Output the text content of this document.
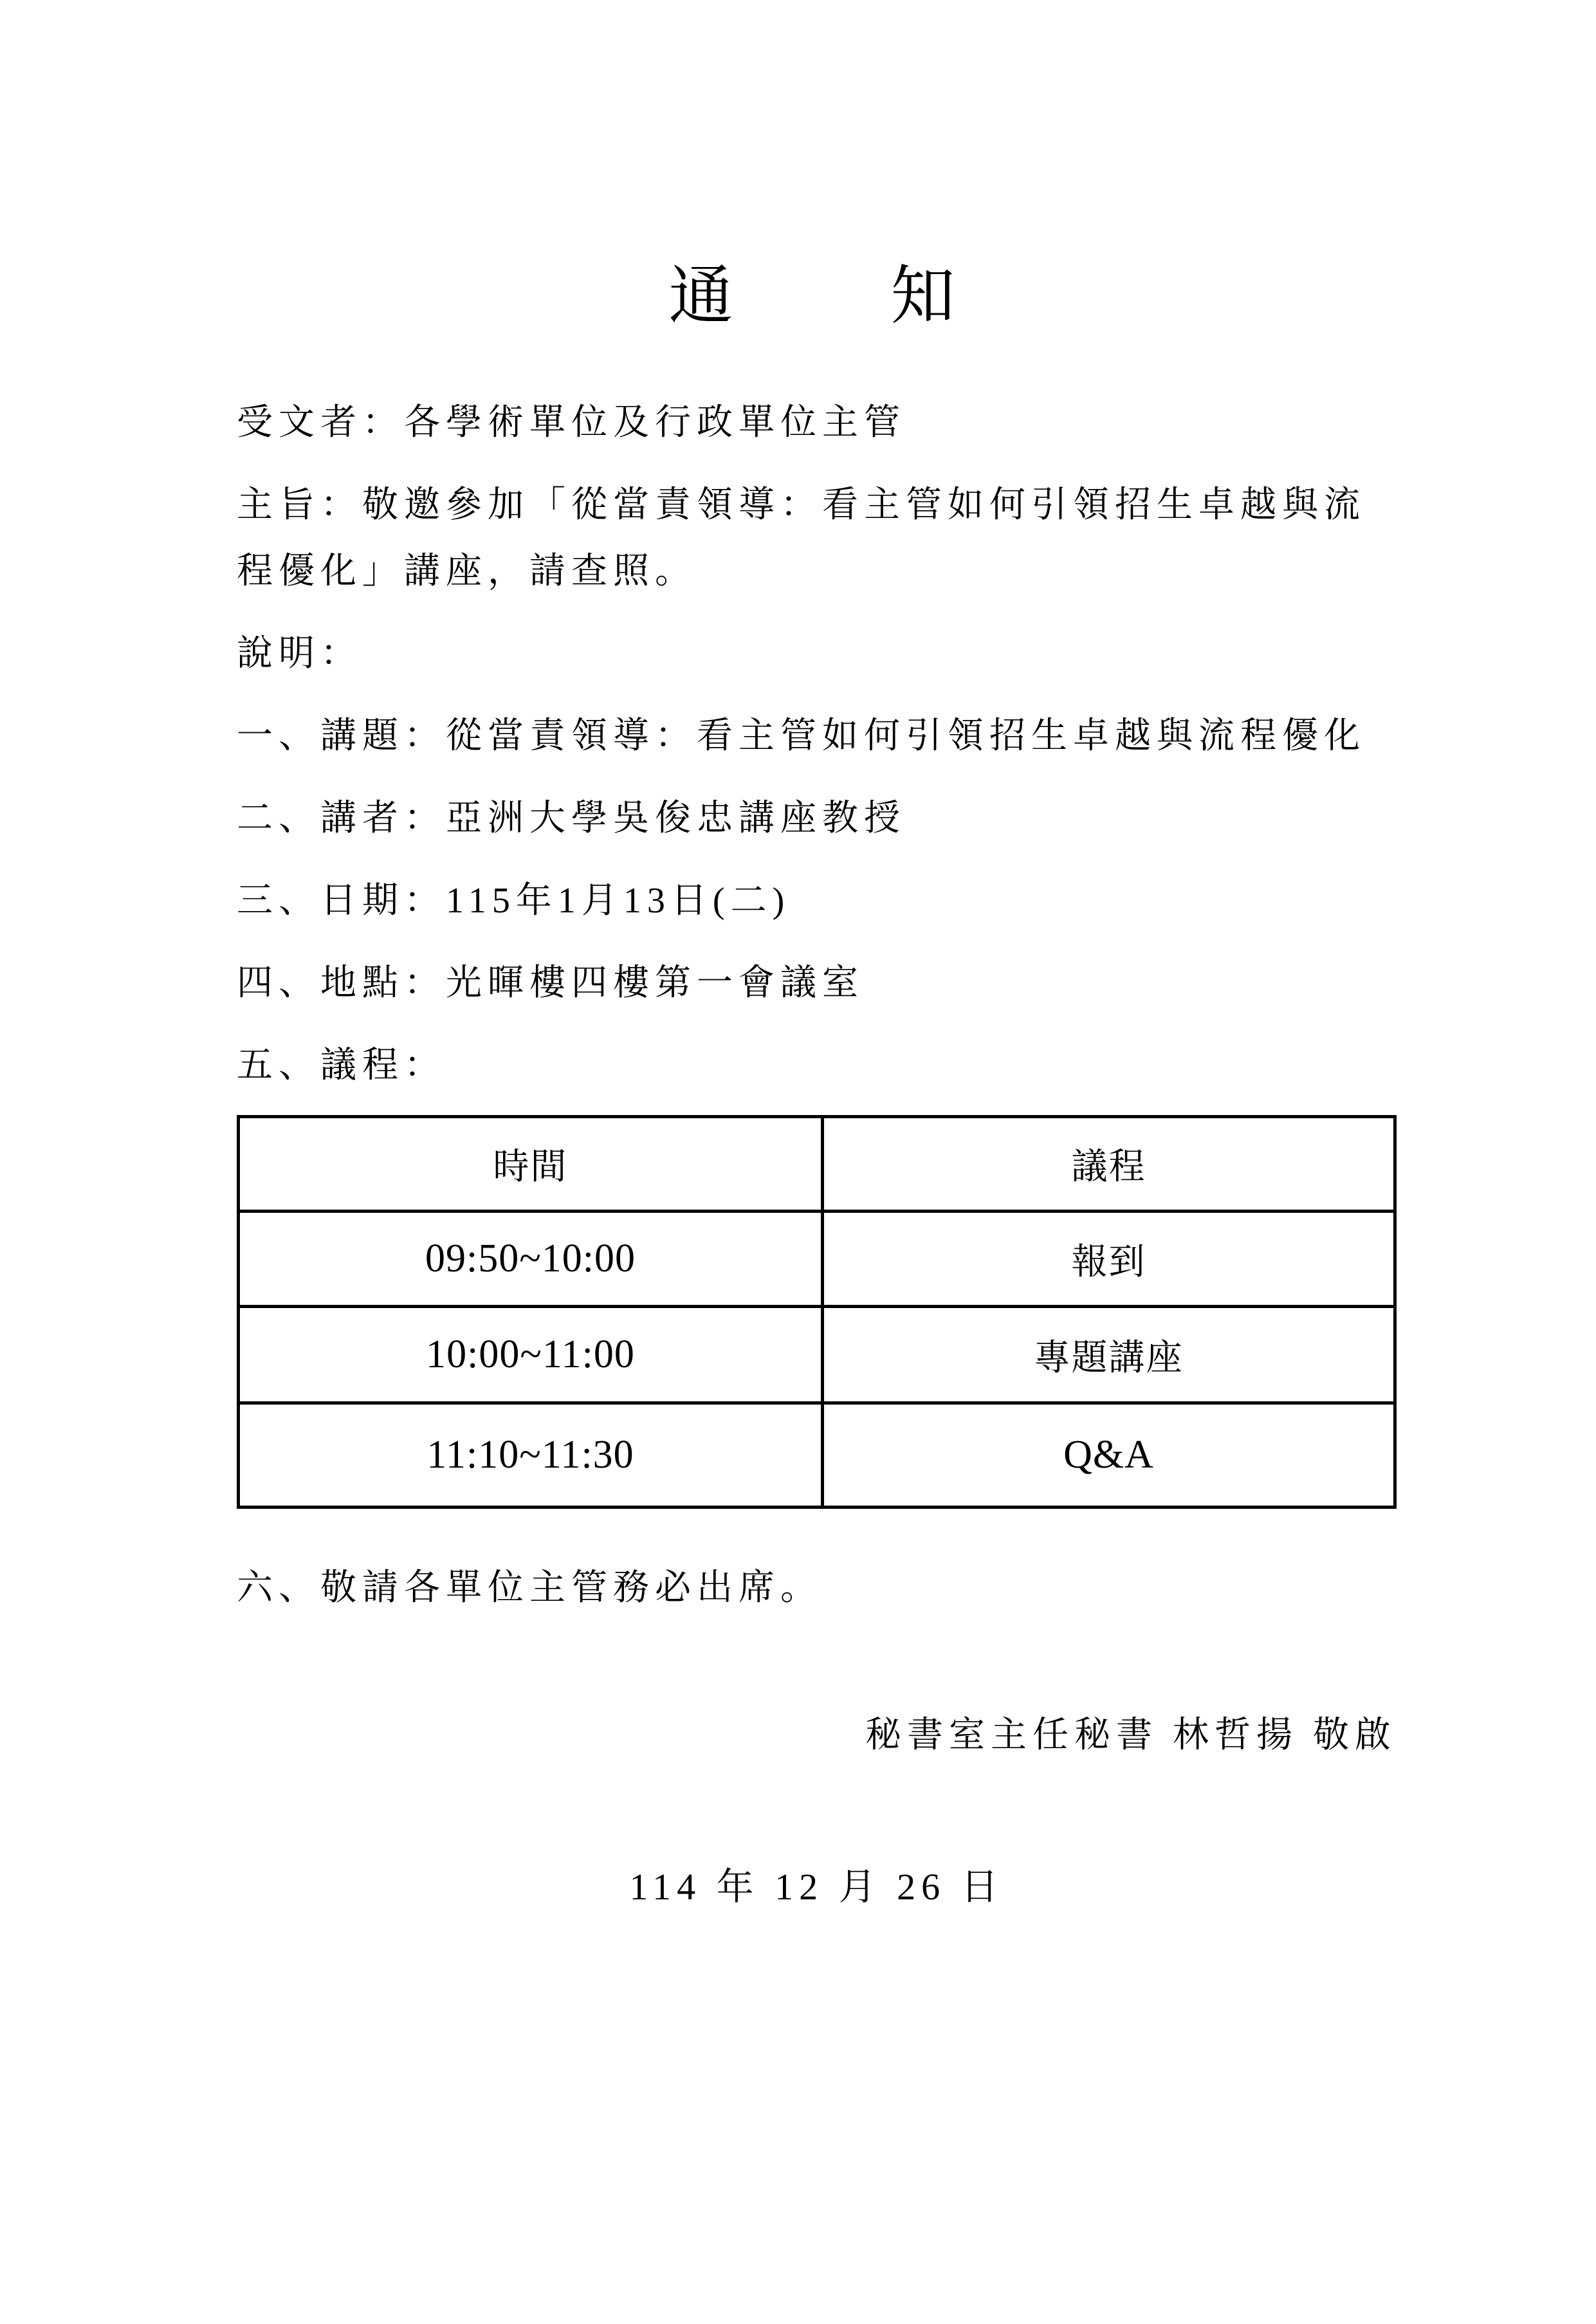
通　　知

受文者：各學術單位及行政單位主管

主旨：敬邀參加「從當責領導：看主管如何引領招生卓越與流程優化」講座，請查照。

說明：

一、講題：從當責領導：看主管如何引領招生卓越與流程優化

二、講者：亞洲大學吳俊忠講座教授

三、日期：115年1月13日(二)

四、地點：光暉樓四樓第一會議室

五、議程：

時間	議程
09:50~10:00	報到
10:00~11:00	專題講座
11:10~11:30	Q&A

六、敬請各單位主管務必出席。

秘書室主任秘書 林哲揚 敬啟

114 年 12 月 26 日
